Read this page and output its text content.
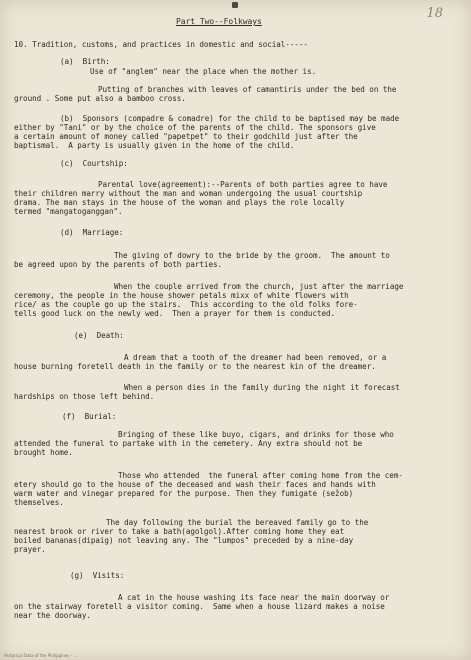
18
Part Two--Folkways
10. Tradition, customs, and practices in domestic and social-----
(a)  Birth:
Use of "anglem" near the place when the mother is.
Putting of branches with leaves of camantiris under the bed on the
ground . Some put also a bamboo cross.
(b)  Sponsors (compadre & comadre) for the child to be baptised may be made
either by "Tani" or by the choice of the parents of the child. The sponsors give
a certain amount of money called "papetpet" to their godchild just after the
baptismal.  A party is usually given in the home of the child.
(c)  Courtship:
Parental love(agreement):--Parents of both parties agree to have
their children marry without the man and woman undergoing the usual courtship
drama. The man stays in the house of the woman and plays the role locally
termed "mangatoganggan".
(d)  Marriage:
The giving of dowry to the bride by the groom.  The amount to
be agreed upon by the parents of both parties.
When the couple arrived from the church, just after the marriage
ceremony, the people in the house shower petals mixx of white flowers with
rice/ as the couple go up the stairs.  This according to the old folks fore-
tells good luck on the newly wed.  Then a prayer for them is conducted.
(e)  Death:
A dream that a tooth of the dreamer had been removed, or a
house burning foretell death in the family or to the nearest kin of the dreamer.
When a person dies in the family during the night it forecast
hardships on those left behind.
(f)  Burial:
Bringing of these like buyo, cigars, and drinks for those who
attended the funeral to partake with in the cemetery. Any extra should not be
brought home.
Those who attended  the funeral after coming home from the cem-
etery should go to the house of the deceased and wash their faces and hands with
warm water and vinegar prepared for the purpose. Then they fumigate (sežob)
themselves.
The day following the burial the bereaved family go to the
nearest brook or river to take a bath(agolgol).After coming home they eat
boiled bananas(dipaig) not leaving any. The "lumpos" preceded by a nine-day
prayer.
(g)  Visits:
A cat in the house washing its face near the main doorway or
on the stairway foretell a visitor coming.  Same when a house lizard makes a noise
near the doorway.
Historical Data of the Philippines - ...
